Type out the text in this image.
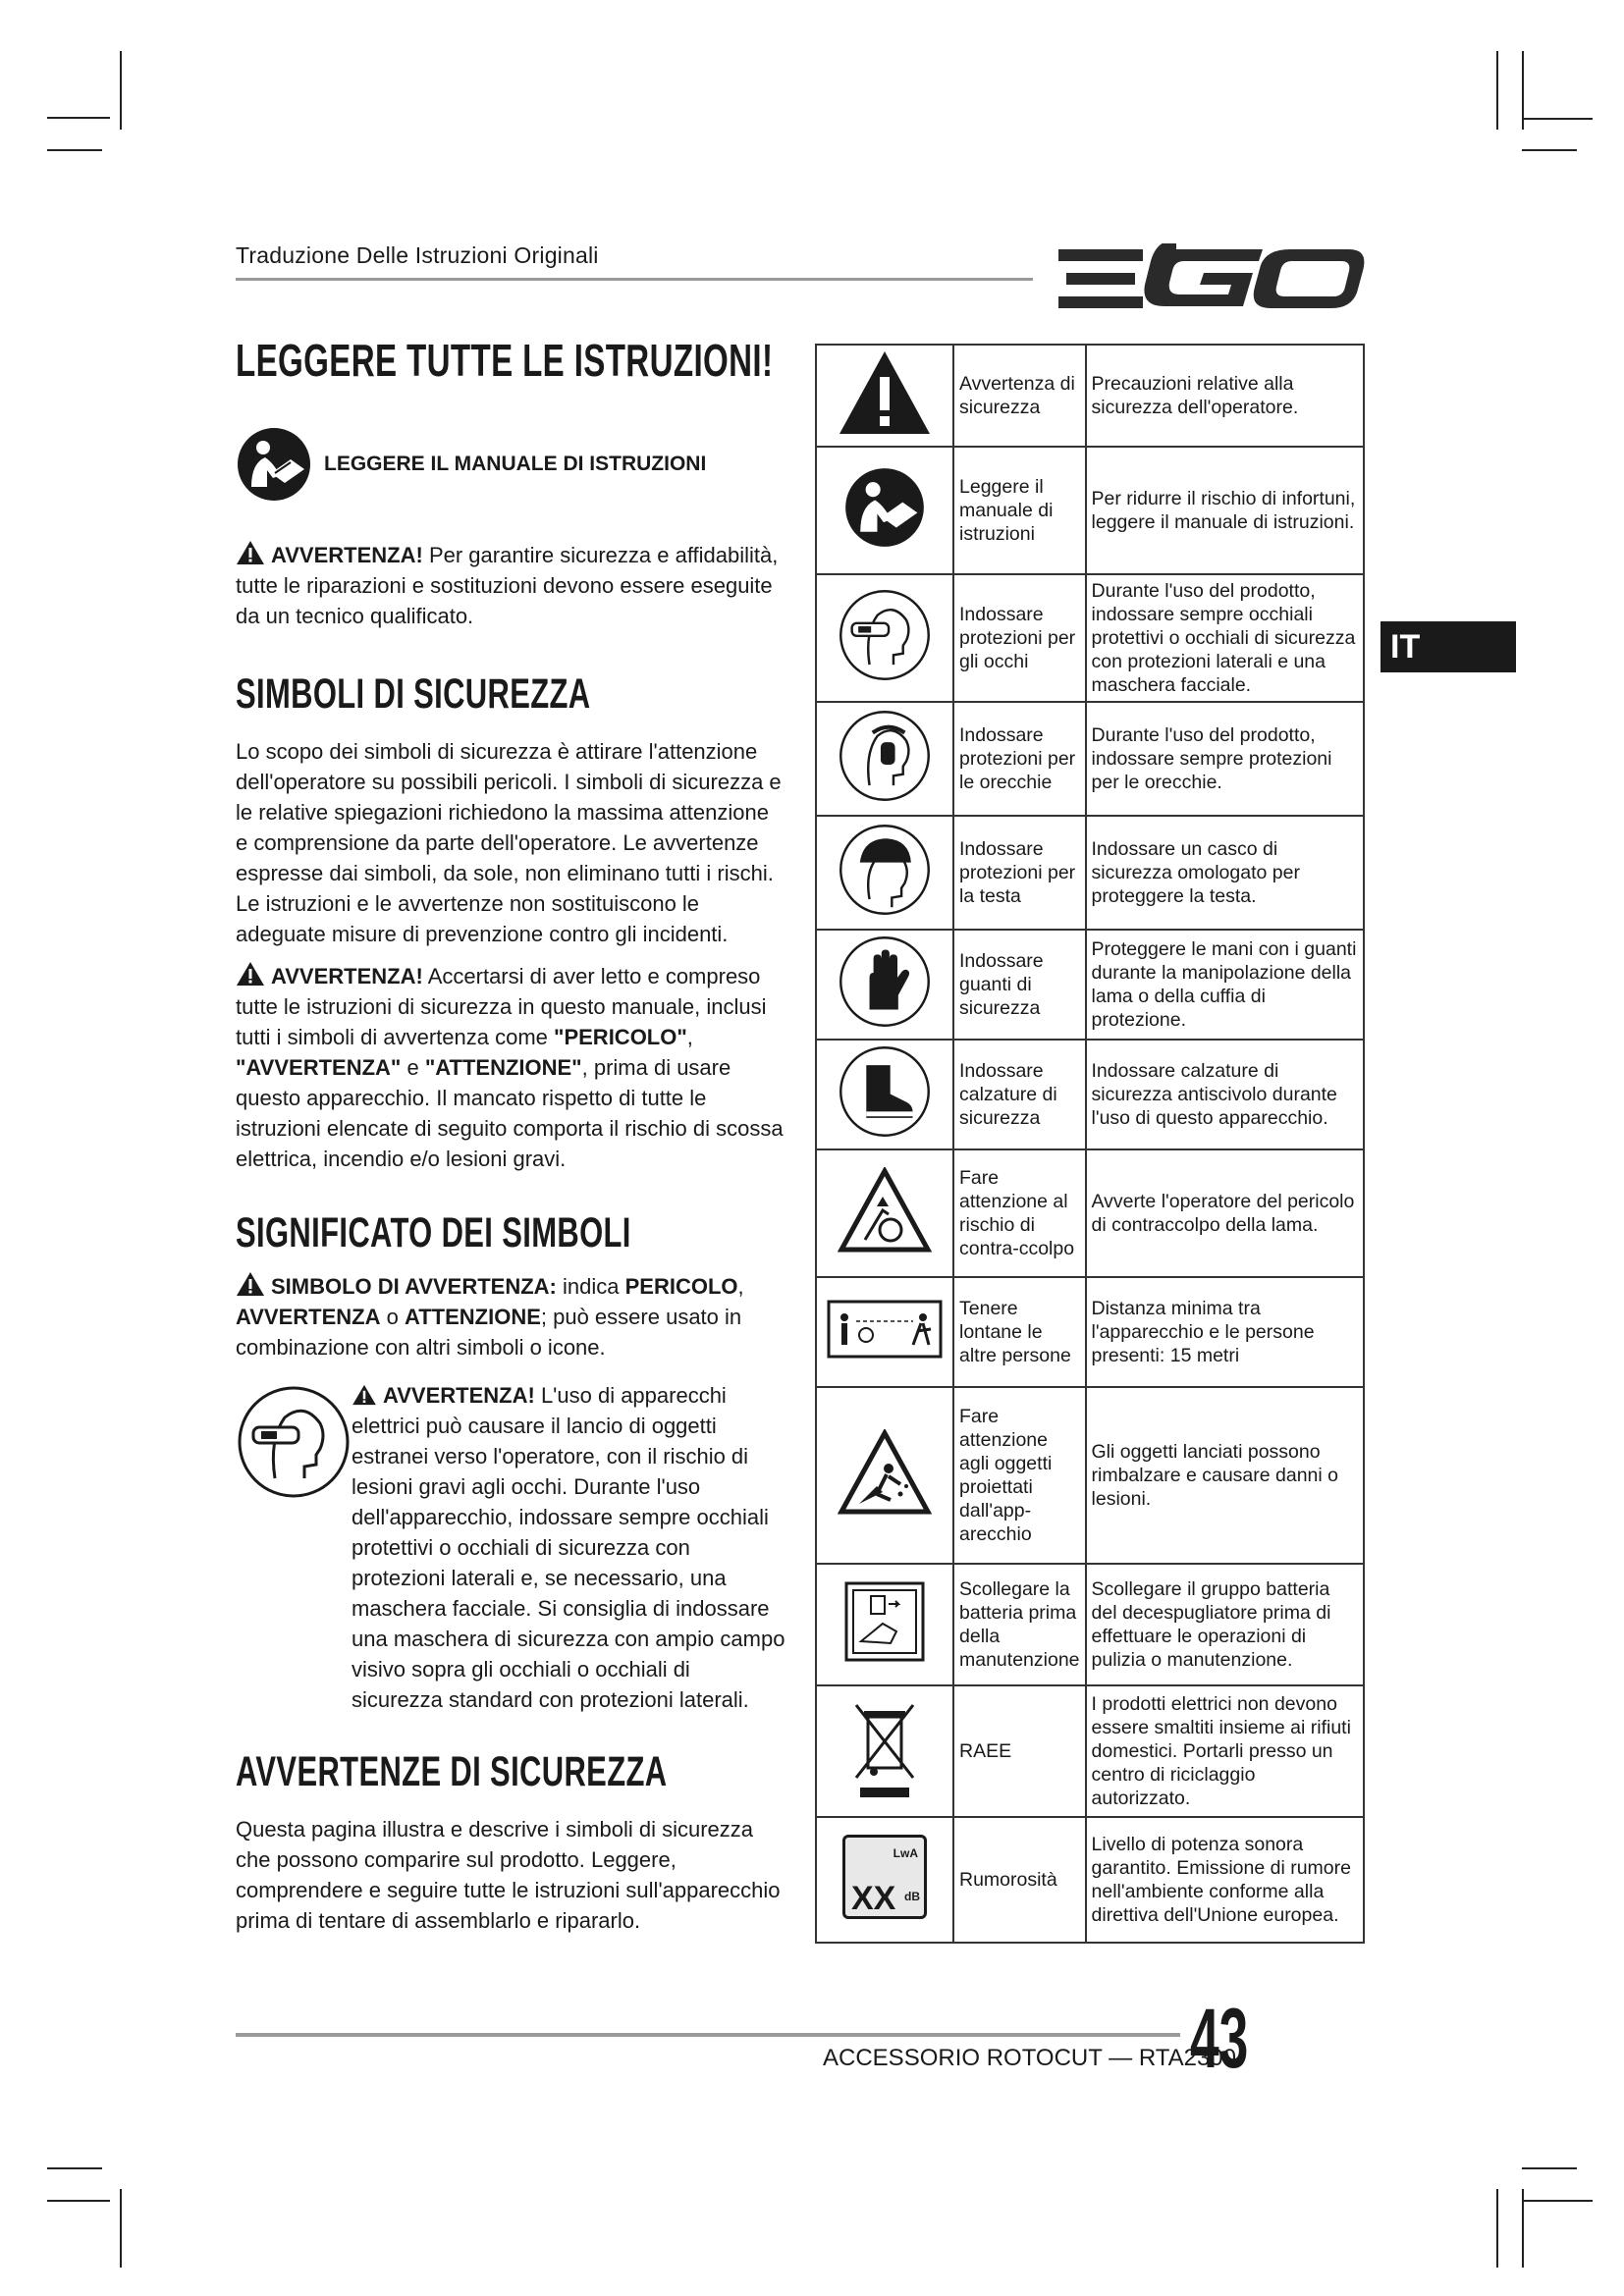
Traduzione Delle Istruzioni Originali	EGO
IT
LEGGERE TUTTE LE ISTRUZIONI!
LEGGERE IL MANUALE DI ISTRUZIONI

AVVERTENZA! Per garantire sicurezza e affidabilità, tutte le riparazioni e sostituzioni devono essere eseguite da un tecnico qualificato.

SIMBOLI DI SICUREZZA

Lo scopo dei simboli di sicurezza è attirare l'attenzione dell'operatore su possibili pericoli. I simboli di sicurezza e le relative spiegazioni richiedono la massima attenzione e comprensione da parte dell'operatore. Le avvertenze espresse dai simboli, da sole, non eliminano tutti i rischi. Le istruzioni e le avvertenze non sostituiscono le adeguate misure di prevenzione contro gli incidenti.

AVVERTENZA! Accertarsi di aver letto e compreso tutte le istruzioni di sicurezza in questo manuale, inclusi tutti i simboli di avvertenza come "PERICOLO", "AVVERTENZA" e "ATTENZIONE", prima di usare questo apparecchio. Il mancato rispetto di tutte le istruzioni elencate di seguito comporta il rischio di scossa elettrica, incendio e/o lesioni gravi.

SIGNIFICATO DEI SIMBOLI

SIMBOLO DI AVVERTENZA: indica PERICOLO, AVVERTENZA o ATTENZIONE; può essere usato in combinazione con altri simboli o icone.

AVVERTENZA! L'uso di apparecchi elettrici può causare il lancio di oggetti estranei verso l'operatore, con il rischio di lesioni gravi agli occhi. Durante l'uso dell'apparecchio, indossare sempre occhiali protettivi o occhiali di sicurezza con protezioni laterali e, se necessario, una maschera facciale. Si consiglia di indossare una maschera di sicurezza con ampio campo visivo sopra gli occhiali o occhiali di sicurezza standard con protezioni laterali.

AVVERTENZE DI SICUREZZA

Questa pagina illustra e descrive i simboli di sicurezza che possono comparire sul prodotto. Leggere, comprendere e seguire tutte le istruzioni sull'apparecchio prima di tentare di assemblarlo e ripararlo.

	Avvertenza di sicurezza	Precauzioni relative alla sicurezza dell'operatore.
	Leggere il manuale di istruzioni	Per ridurre il rischio di infortuni, leggere il manuale di istruzioni.
	Indossare protezioni per gli occhi	Durante l'uso del prodotto, indossare sempre occhiali protettivi o occhiali di sicurezza con protezioni laterali e una maschera facciale.
	Indossare protezioni per le orecchie	Durante l'uso del prodotto, indossare sempre protezioni per le orecchie.
	Indossare protezioni per la testa	Indossare un casco di sicurezza omologato per proteggere la testa.
	Indossare guanti di sicurezza	Proteggere le mani con i guanti durante la manipolazione della lama o della cuffia di protezione.
	Indossare calzature di sicurezza	Indossare calzature di sicurezza antiscivolo durante l'uso di questo apparecchio.
	Fare attenzione al rischio di contra-ccolpo	Avverte l'operatore del pericolo di contraccolpo della lama.
	Tenere lontane le altre persone	Distanza minima tra l'apparecchio e le persone presenti: 15 metri
	Fare attenzione agli oggetti proiettati dall'app-arecchio	Gli oggetti lanciati possono rimbalzare e causare danni o lesioni.
	Scollegare la batteria prima della manutenzione	Scollegare il gruppo batteria del decespugliatore prima di effettuare le operazioni di pulizia o manutenzione.
	RAEE	I prodotti elettrici non devono essere smaltiti insieme ai rifiuti domestici. Portarli presso un centro di riciclaggio autorizzato.

LwA
XX dB	Rumorosità	Livello di potenza sonora garantito. Emissione di rumore nell'ambiente conforme alla direttiva dell'Unione europea.
ACCESSORIO ROTOCUT — RTA2300
43
